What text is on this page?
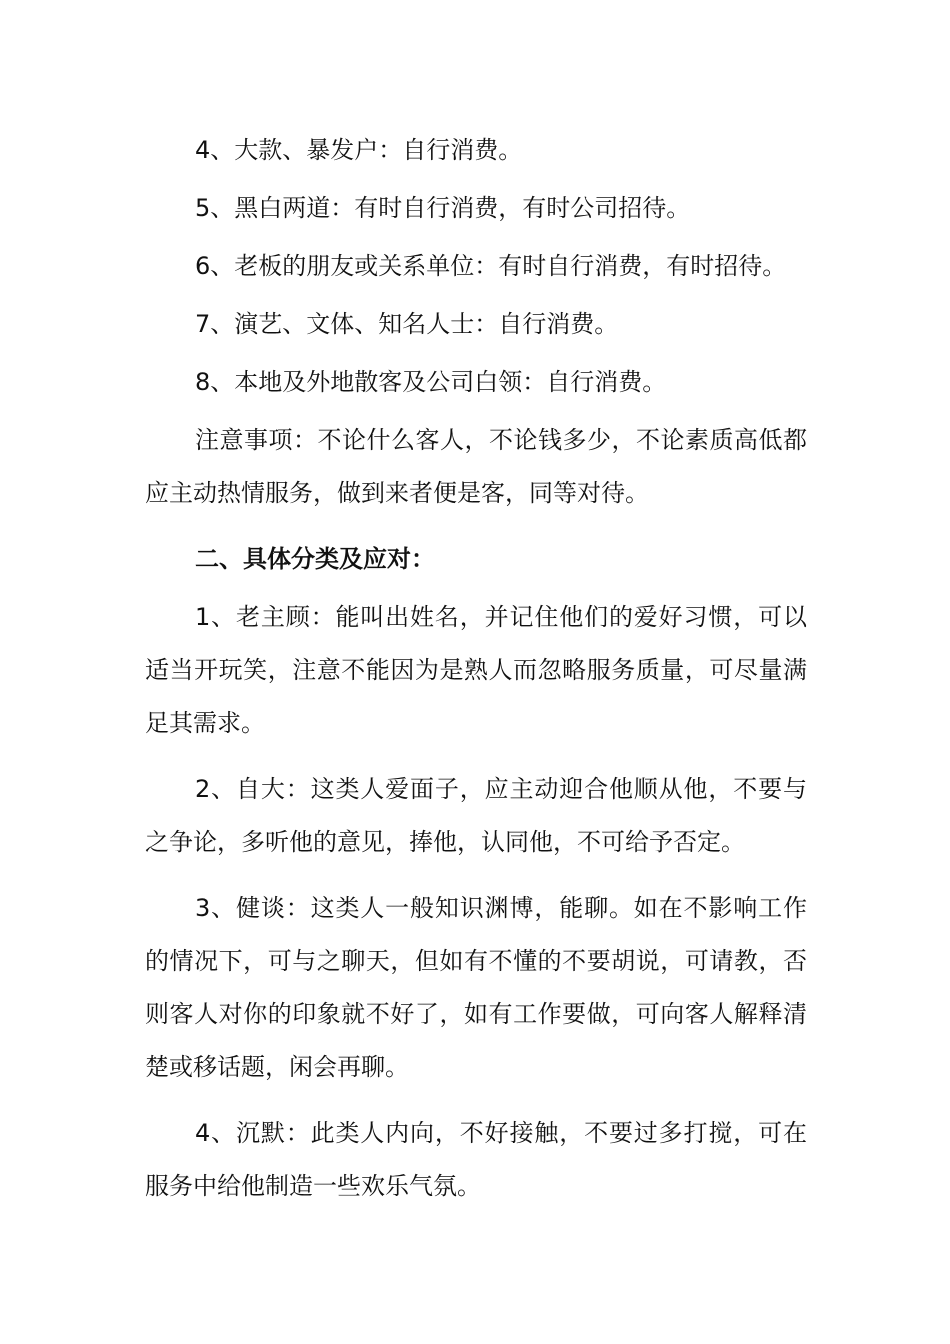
4、大款、暴发户：自行消费。

5、黑白两道：有时自行消费，有时公司招待。

6、老板的朋友或关系单位：有时自行消费，有时招待。

7、演艺、文体、知名人士：自行消费。

8、本地及外地散客及公司白领：自行消费。

注意事项：不论什么客人，不论钱多少，不论素质高低都应主动热情服务，做到来者便是客，同等对待。

二、具体分类及应对：

1、老主顾：能叫出姓名，并记住他们的爱好习惯，可以适当开玩笑，注意不能因为是熟人而忽略服务质量，可尽量满足其需求。

2、自大：这类人爱面子，应主动迎合他顺从他，不要与之争论，多听他的意见，捧他，认同他，不可给予否定。

3、健谈：这类人一般知识渊博，能聊。如在不影响工作的情况下，可与之聊天，但如有不懂的不要胡说，可请教，否则客人对你的印象就不好了，如有工作要做，可向客人解释清楚或移话题，闲会再聊。

4、沉默：此类人内向，不好接触，不要过多打搅，可在服务中给他制造一些欢乐气氛。
